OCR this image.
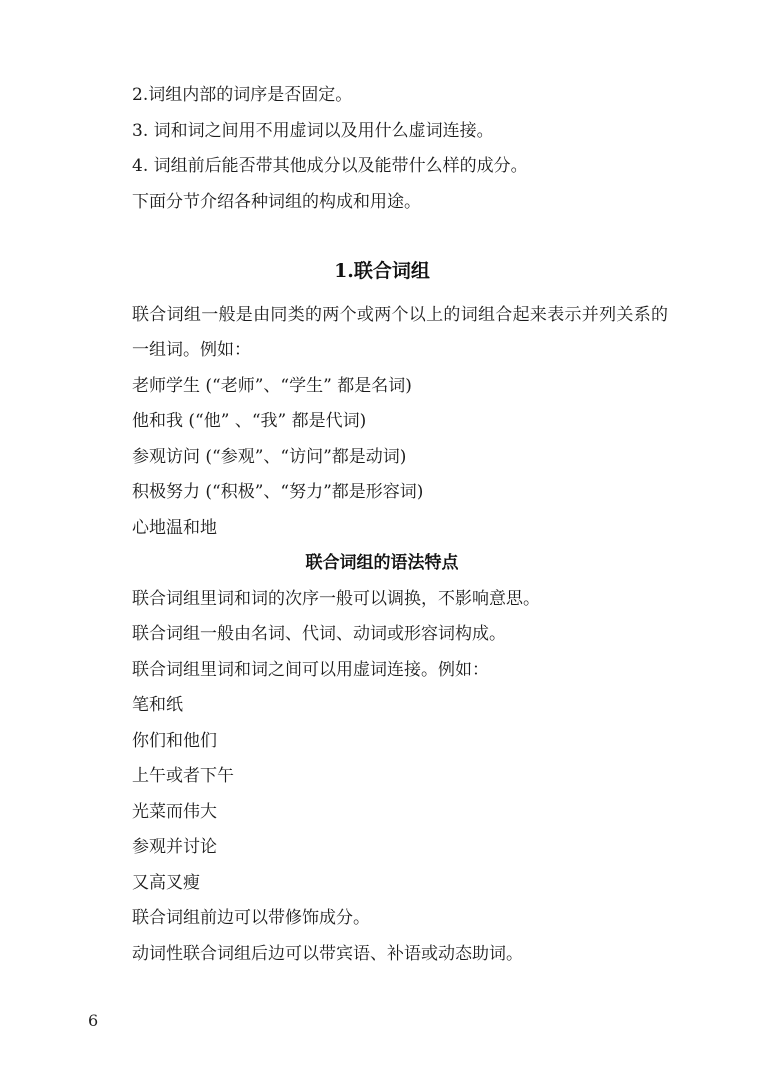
2.词组内部的词序是否固定。
3. 词和词之间用不用虚词以及用什么虚词连接。
4. 词组前后能否带其他成分以及能带什么样的成分。
下面分节介绍各种词组的构成和用途。
1.联合词组
联合词组一般是由同类的两个或两个以上的词组合起来表示并列关系的一组词。例如：
老师学生 (“老师”、“学生” 都是名词)
他和我 (“他” 、“我” 都是代词)
参观访问 (“参观”、“访问”都是动词)
积极努力 (“积极”、“努力”都是形容词)
心地温和地
联合词组的语法特点
联合词组里词和词的次序一般可以调换，不影响意思。
联合词组一般由名词、代词、动词或形容词构成。
联合词组里词和词之间可以用虚词连接。例如：
笔和纸
你们和他们
上午或者下午
光菜而伟大
参观并讨论
又高叉瘦
联合词组前边可以带修饰成分。
动词性联合词组后边可以带宾语、补语或动态助词。
6
